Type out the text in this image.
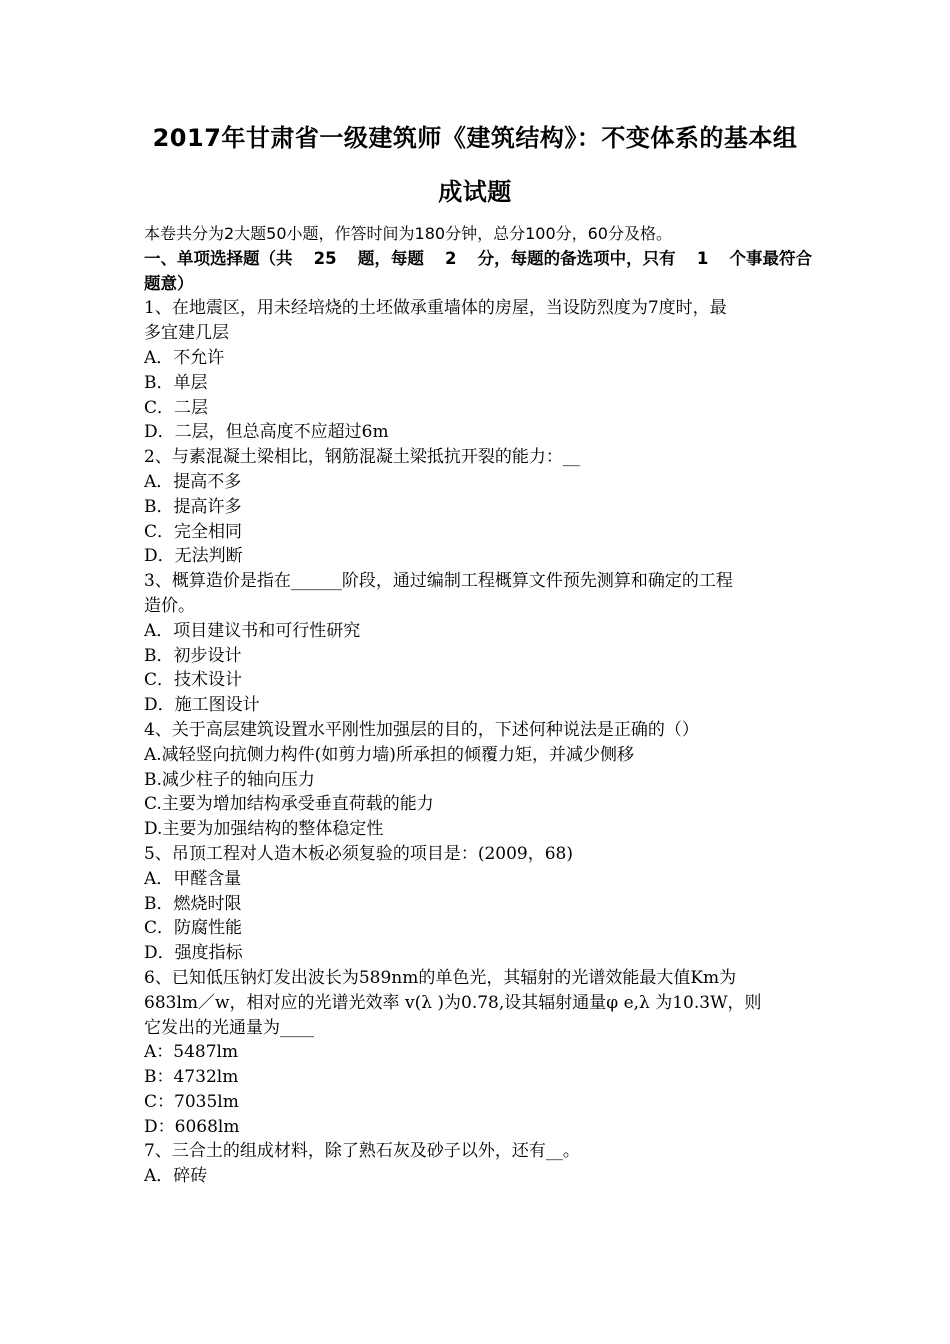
2017年甘肃省一级建筑师《建筑结构》：不变体系的基本组
成试题
本卷共分为2大题50小题，作答时间为180分钟，总分100分，60分及格。
一、单项选择题（共 25 题，每题 2 分，每题的备选项中，只有 1 个事最符合
题意）
1、在地震区，用未经培烧的土坯做承重墙体的房屋，当设防烈度为7度时，最
多宜建几层
A．不允许
B．单层
C．二层
D．二层，但总高度不应超过6m
2、与素混凝土梁相比，钢筋混凝土梁抵抗开裂的能力：__
A．提高不多
B．提高许多
C．完全相同
D．无法判断
3、概算造价是指在______阶段，通过编制工程概算文件预先测算和确定的工程
造价。
A．项目建议书和可行性研究
B．初步设计
C．技术设计
D．施工图设计
4、关于高层建筑设置水平刚性加强层的目的，下述何种说法是正确的（）
A.减轻竖向抗侧力构件(如剪力墙)所承担的倾覆力矩，并减少侧移
B.减少柱子的轴向压力
C.主要为增加结构承受垂直荷载的能力
D.主要为加强结构的整体稳定性
5、吊顶工程对人造木板必须复验的项目是：(2009，68)
A．甲醛含量
B．燃烧时限
C．防腐性能
D．强度指标
6、已知低压钠灯发出波长为589nm的单色光，其辐射的光谱效能最大值Km为
683lm／w，相对应的光谱光效率 v(λ )为0.78,设其辐射通量φ e,λ 为10.3W，则
它发出的光通量为____
A：5487lm
B：4732lm
C：7035lm
D：6068lm
7、三合土的组成材料，除了熟石灰及砂子以外，还有__。
A．碎砖
